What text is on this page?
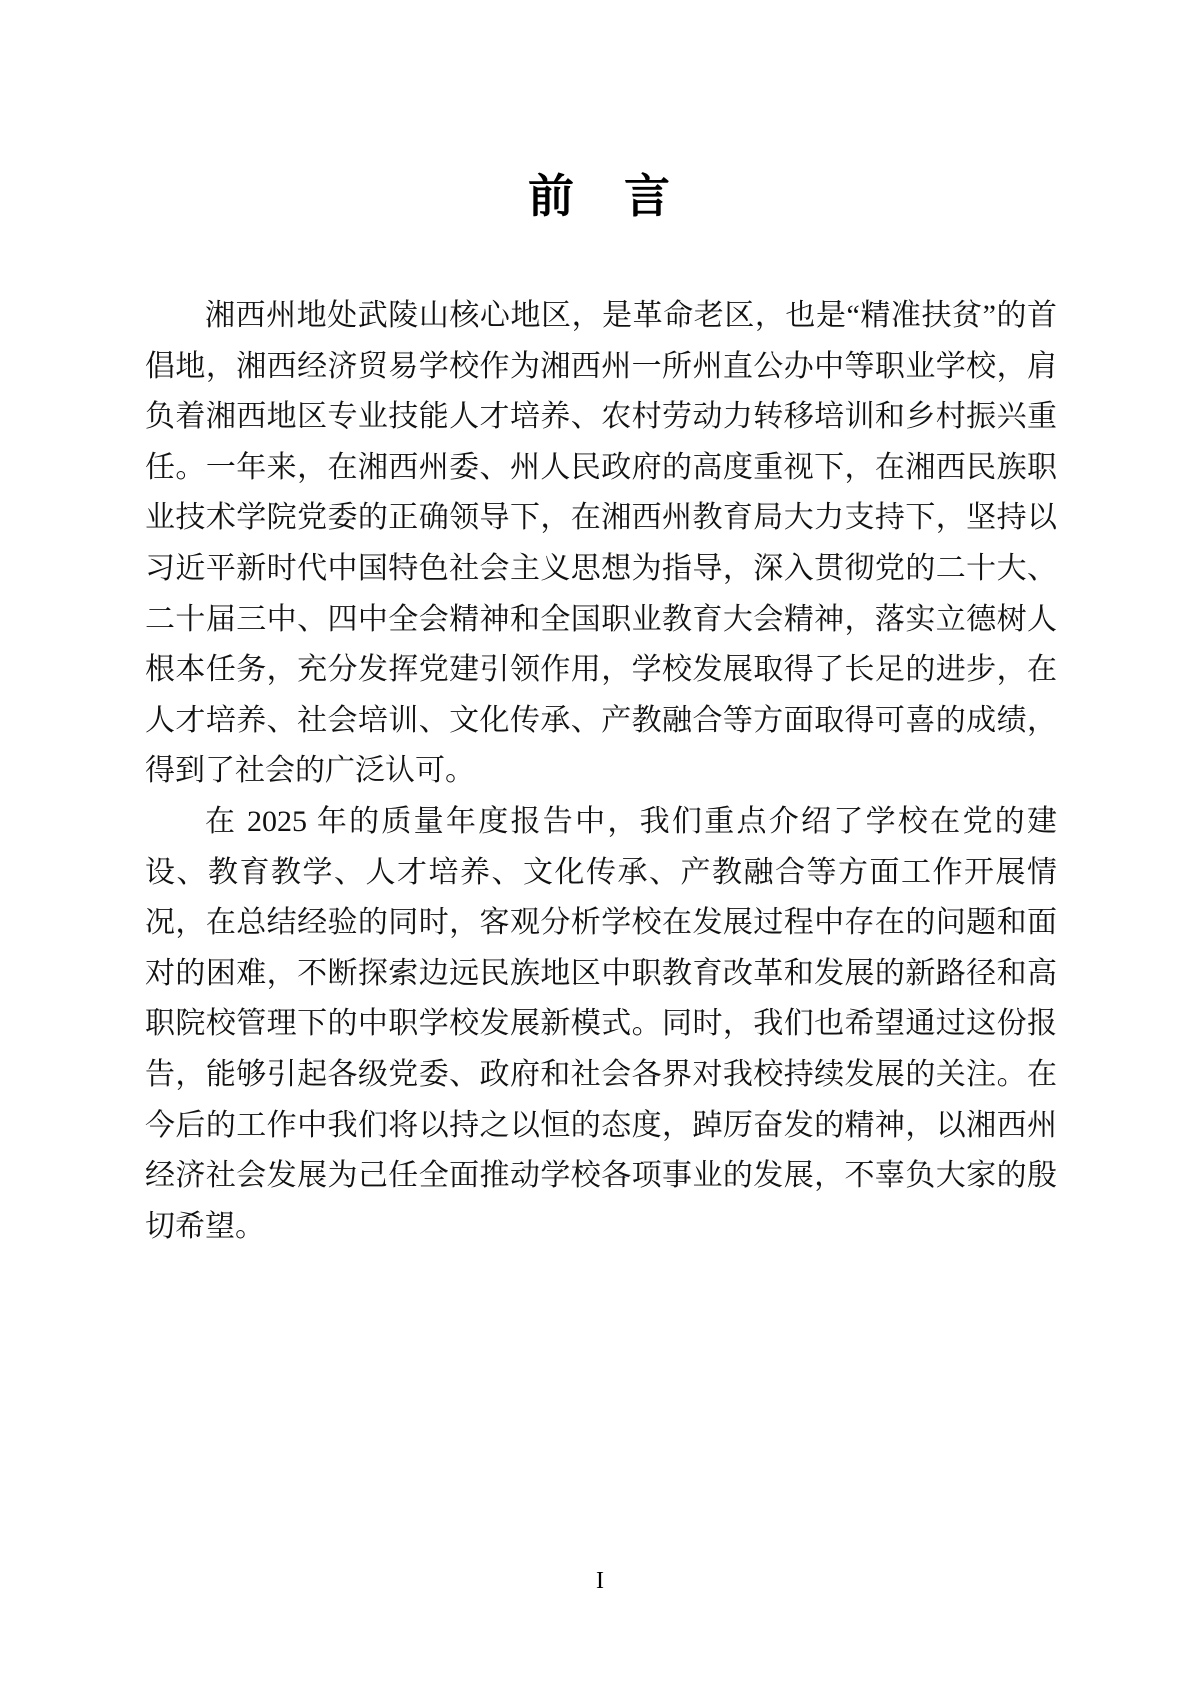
前　言

湘西州地处武陵山核心地区，是革命老区，也是“精准扶贫”的首倡地，湘西经济贸易学校作为湘西州一所州直公办中等职业学校，肩负着湘西地区专业技能人才培养、农村劳动力转移培训和乡村振兴重任。一年来，在湘西州委、州人民政府的高度重视下，在湘西民族职业技术学院党委的正确领导下，在湘西州教育局大力支持下，坚持以习近平新时代中国特色社会主义思想为指导，深入贯彻党的二十大、二十届三中、四中全会精神和全国职业教育大会精神，落实立德树人根本任务，充分发挥党建引领作用，学校发展取得了长足的进步，在人才培养、社会培训、文化传承、产教融合等方面取得可喜的成绩，得到了社会的广泛认可。

在 2025 年的质量年度报告中，我们重点介绍了学校在党的建设、教育教学、人才培养、文化传承、产教融合等方面工作开展情况，在总结经验的同时，客观分析学校在发展过程中存在的问题和面对的困难，不断探索边远民族地区中职教育改革和发展的新路径和高职院校管理下的中职学校发展新模式。同时，我们也希望通过这份报告，能够引起各级党委、政府和社会各界对我校持续发展的关注。在今后的工作中我们将以持之以恒的态度，踔厉奋发的精神，以湘西州经济社会发展为己任全面推动学校各项事业的发展，不辜负大家的殷切希望。

I
